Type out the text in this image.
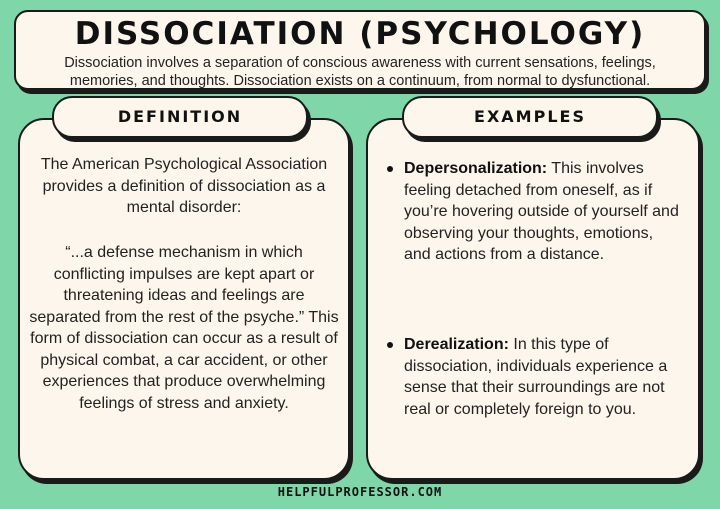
DISSOCIATION (PSYCHOLOGY)
Dissociation involves a separation of conscious awareness with current sensations, feelings, memories, and thoughts. Dissociation exists on a continuum, from normal to dysfunctional.
The American Psychological Association provides a definition of dissociation as a mental disorder:
“...a defense mechanism in which conflicting impulses are kept apart or threatening ideas and feelings are separated from the rest of the psyche.” This form of dissociation can occur as a result of physical combat, a car accident, or other experiences that produce overwhelming feelings of stress and anxiety.
Depersonalization: This involves feeling detached from oneself, as if you’re hovering outside of yourself and observing your thoughts, emotions, and actions from a distance.
Derealization: In this type of dissociation, individuals experience a sense that their surroundings are not real or completely foreign to you.
DEFINITION	EXAMPLES
HELPFULPROFESSOR.COM
